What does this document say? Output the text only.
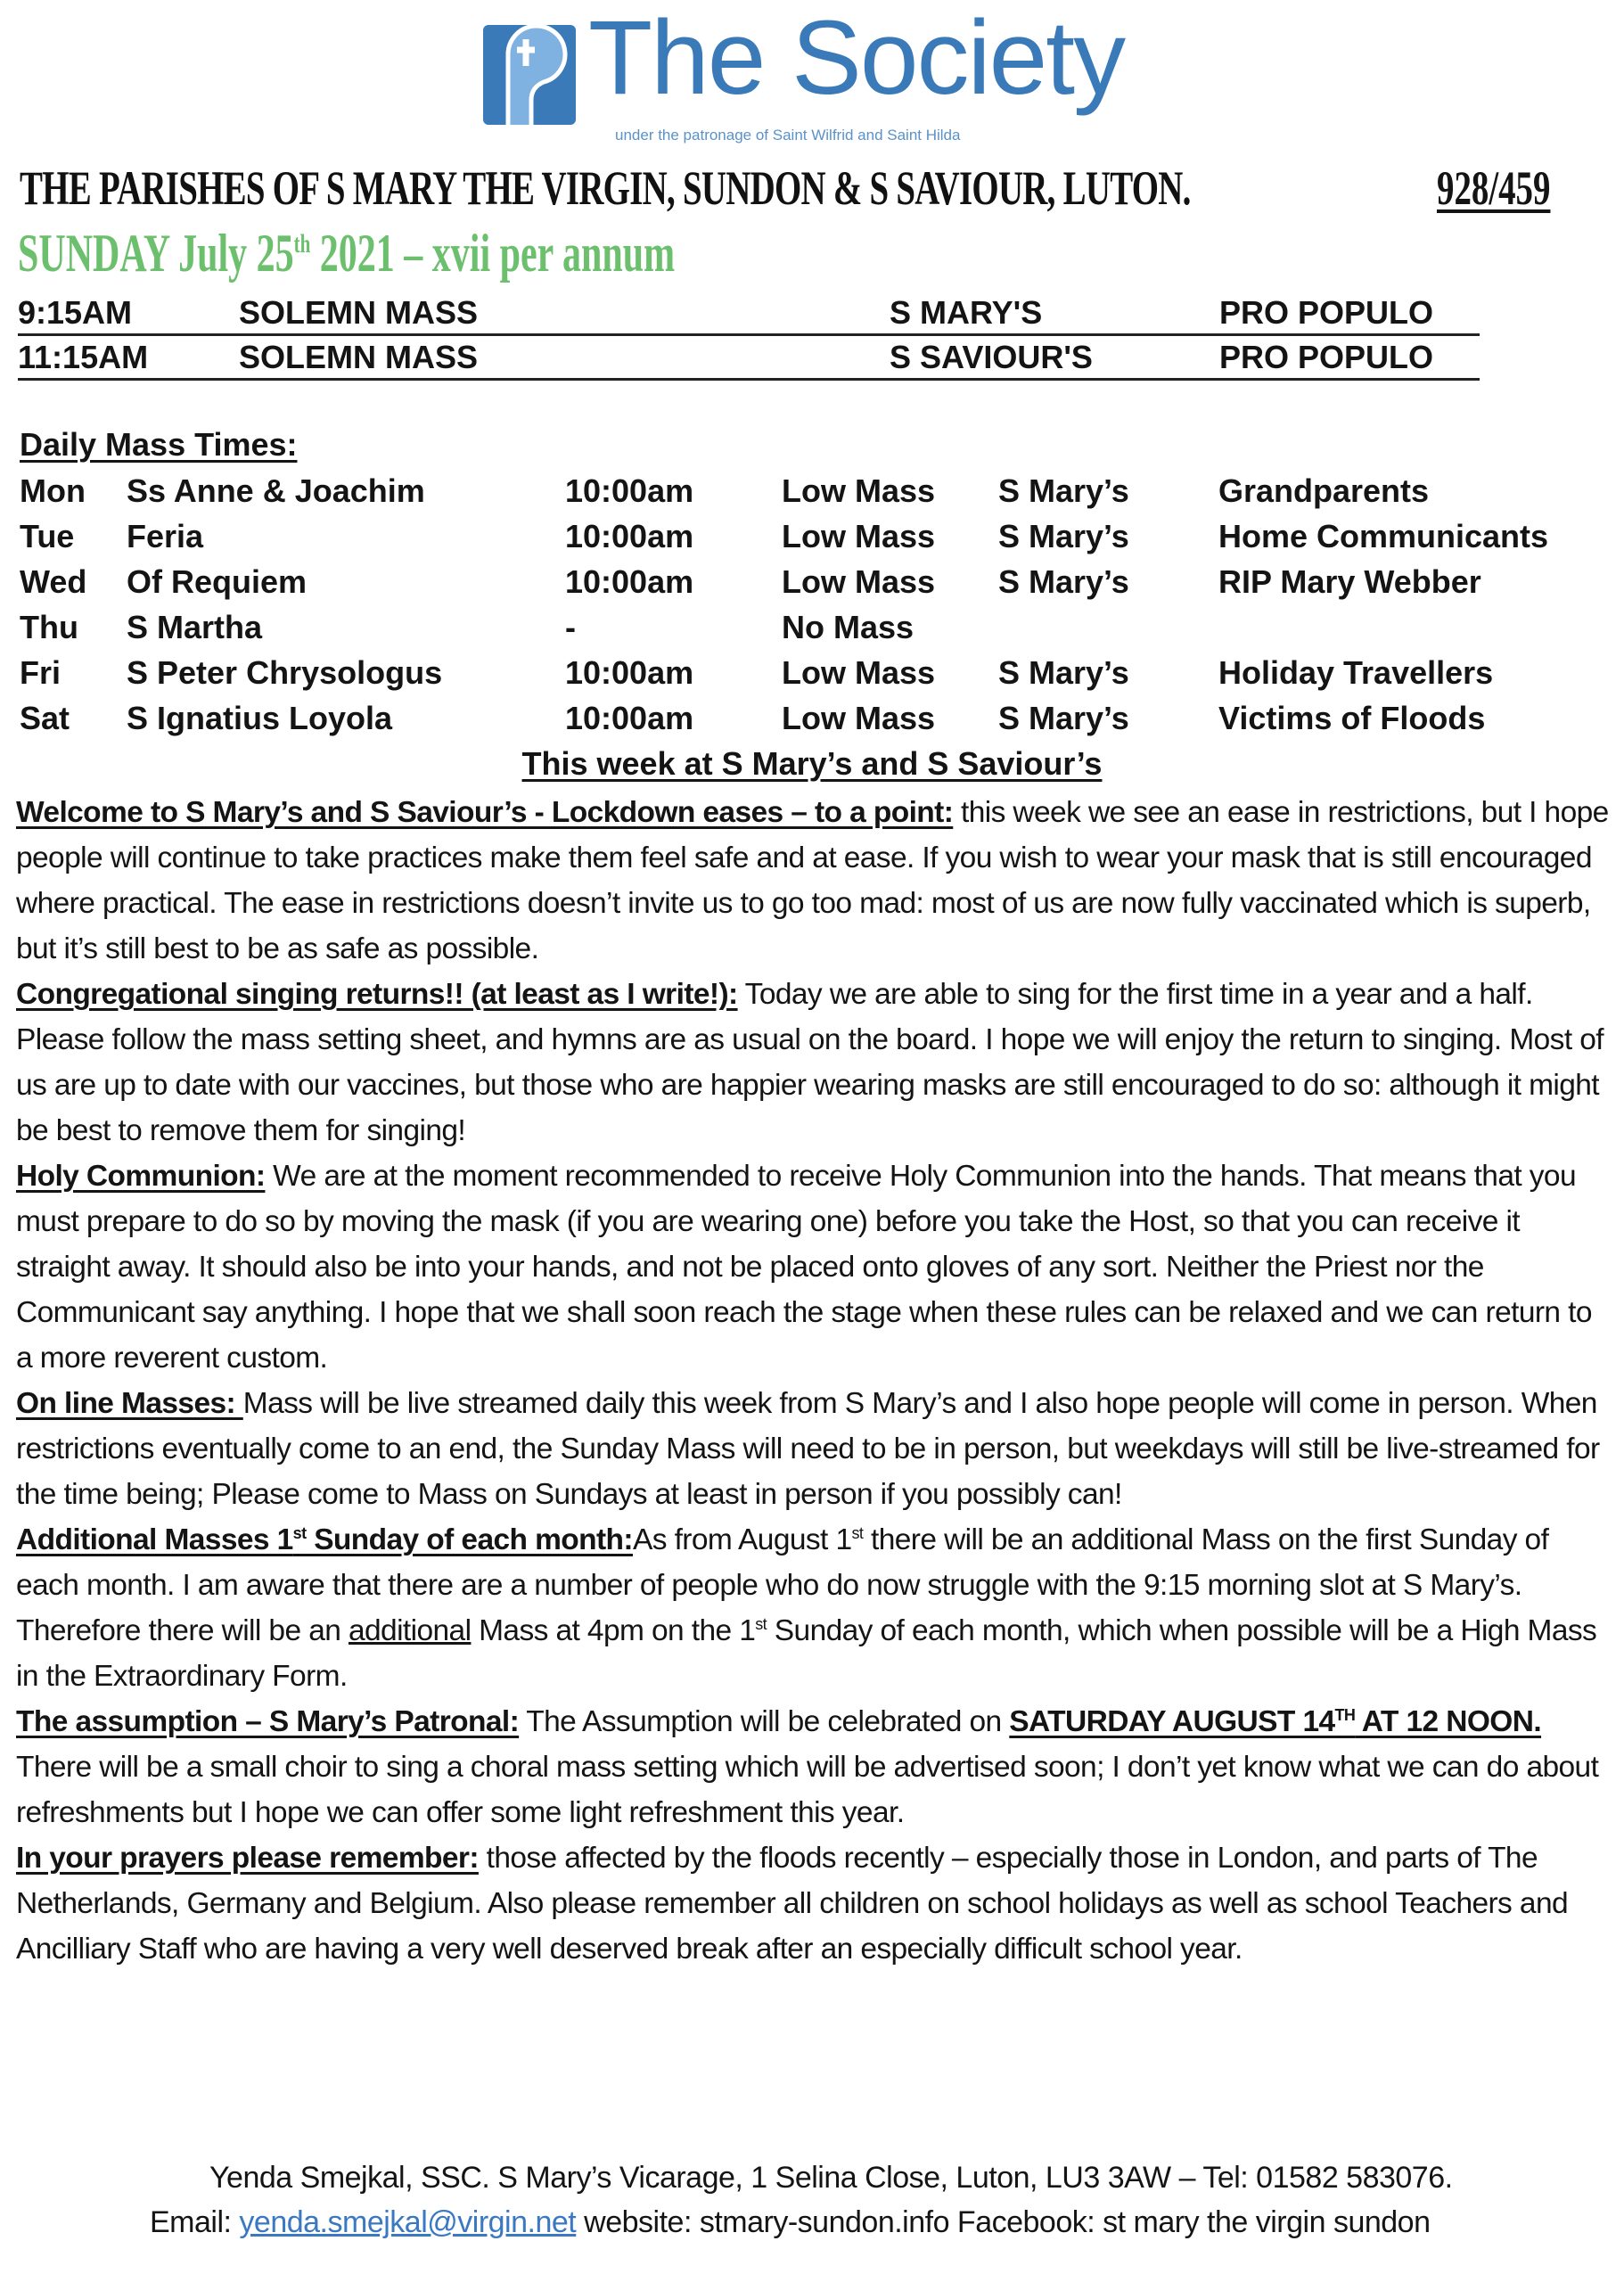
The Society
under the patronage of Saint Wilfrid and Saint Hilda
THE PARISHES OF S MARY THE VIRGIN, SUNDON & S SAVIOUR, LUTON.	928/459
SUNDAY July 25th 2021 – xvii per annum
9:15AM	SOLEMN MASS	S MARY'S	PRO POPULO
11:15AM	SOLEMN MASS	S SAVIOUR'S	PRO POPULO
Daily Mass Times:
Mon Ss Anne & Joachim	10:00am	Low Mass S Mary’s	Grandparents
Tue Feria	10:00am	Low Mass S Mary’s	Home Communicants
Wed Of Requiem	10:00am	Low Mass S Mary’s	RIP Mary Webber
Thu S Martha	-	No Mass
Fri S Peter Chrysologus	10:00am	Low Mass S Mary’s	Holiday Travellers
Sat S Ignatius Loyola	10:00am	Low Mass S Mary’s	Victims of Floods
This week at S Mary’s and S Saviour’s

Welcome to S Mary’s and S Saviour’s - Lockdown eases – to a point: this week we see an ease in restrictions, but I hope people will continue to take practices make them feel safe and at ease. If you wish to wear your mask that is still encouraged where practical. The ease in restrictions doesn’t invite us to go too mad: most of us are now fully vaccinated which is superb, but it’s still best to be as safe as possible.

Congregational singing returns!! (at least as I write!): Today we are able to sing for the first time in a year and a half. Please follow the mass setting sheet, and hymns are as usual on the board. I hope we will enjoy the return to singing. Most of us are up to date with our vaccines, but those who are happier wearing masks are still encouraged to do so: although it might be best to remove them for singing!

Holy Communion: We are at the moment recommended to receive Holy Communion into the hands. That means that you must prepare to do so by moving the mask (if you are wearing one) before you take the Host, so that you can receive it straight away. It should also be into your hands, and not be placed onto gloves of any sort. Neither the Priest nor the Communicant say anything. I hope that we shall soon reach the stage when these rules can be relaxed and we can return to a more reverent custom.

On line Masses: Mass will be live streamed daily this week from S Mary’s and I also hope people will come in person. When restrictions eventually come to an end, the Sunday Mass will need to be in person, but weekdays will still be live-streamed for the time being; Please come to Mass on Sundays at least in person if you possibly can!

Additional Masses 1st Sunday of each month:As from August 1st there will be an additional Mass on the first Sunday of each month. I am aware that there are a number of people who do now struggle with the 9:15 morning slot at S Mary’s. Therefore there will be an additional Mass at 4pm on the 1st Sunday of each month, which when possible will be a High Mass in the Extraordinary Form.

The assumption – S Mary’s Patronal: The Assumption will be celebrated on SATURDAY AUGUST 14TH AT 12 NOON. There will be a small choir to sing a choral mass setting which will be advertised soon; I don’t yet know what we can do about refreshments but I hope we can offer some light refreshment this year.

In your prayers please remember: those affected by the floods recently – especially those in London, and parts of The Netherlands, Germany and Belgium. Also please remember all children on school holidays as well as school Teachers and Ancilliary Staff who are having a very well deserved break after an especially difficult school year.

Yenda Smejkal, SSC. S Mary’s Vicarage, 1 Selina Close, Luton, LU3 3AW – Tel: 01582 583076.
Email: yenda.smejkal@virgin.net website: stmary-sundon.info Facebook: st mary the virgin sundon
